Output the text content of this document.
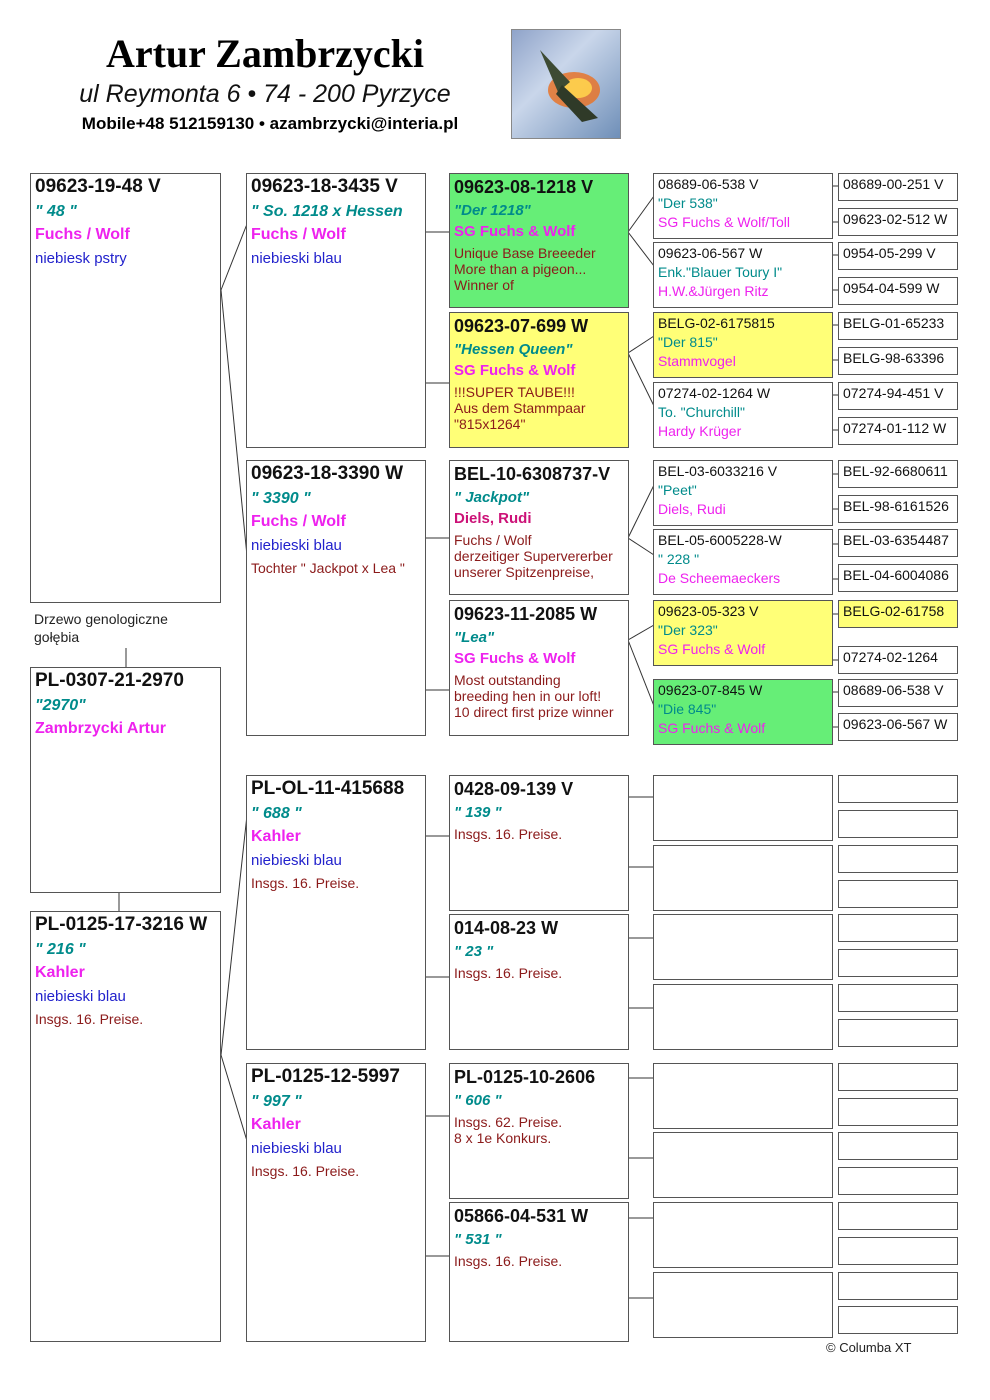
Artur Zambrzycki
ul Reymonta 6 • 74 - 200 Pyrzyce
Mobile+48 512159130 • azambrzycki@interia.pl
Drzewo genologiczne gołębia
PL-0307-21-2970
"2970"
Zambrzycki Artur
09623-19-48 V
" 48 "
Fuchs / Wolf
niebiesk pstry
PL-0125-17-3216 W
" 216 "
Kahler
niebieski blau
Insgs. 16. Preise.
09623-18-3435 V
" So. 1218 x Hessen
Fuchs / Wolf
niebieski blau
09623-18-3390 W
" 3390 "
Fuchs / Wolf
niebieski blau
Tochter " Jackpot x Lea "
PL-OL-11-415688
" 688 "
Kahler
niebieski blau
Insgs. 16. Preise.
PL-0125-12-5997
" 997 "
Kahler
niebieski blau
Insgs. 16. Preise.
09623-08-1218 V
"Der 1218"
SG Fuchs & Wolf
Unique Base Breeeder
More than a pigeon...
Winner of
09623-07-699 W
"Hessen Queen"
SG Fuchs & Wolf
!!!SUPER TAUBE!!!
Aus dem Stammpaar
"815x1264"
BEL-10-6308737-V
" Jackpot"
Diels, Rudi
Fuchs / Wolf
derzeitiger Supervererber
unserer Spitzenpreise,
09623-11-2085 W
"Lea"
SG Fuchs & Wolf
Most outstanding
breeding hen in our loft!
10 direct first prize winner
0428-09-139 V
" 139 "
Insgs. 16. Preise.
014-08-23 W
" 23 "
Insgs. 16. Preise.
PL-0125-10-2606
" 606 "
Insgs. 62. Preise.
8 x 1e Konkurs.
05866-04-531 W
" 531 "
Insgs. 16. Preise.
08689-06-538 V
"Der 538"
SG Fuchs & Wolf/Toll
09623-06-567 W
Enk."Blauer Toury I"
H.W.&Jürgen Ritz
BELG-02-6175815
"Der 815"
Stammvogel
07274-02-1264 W
To. "Churchill"
Hardy Krüger
BEL-03-6033216 V
"Peet"
Diels, Rudi
BEL-05-6005228-W
" 228 "
De Scheemaeckers
09623-05-323 V
"Der 323"
SG Fuchs & Wolf
09623-07-845 W
"Die 845"
SG Fuchs & Wolf
08689-00-251 V
09623-02-512 W
0954-05-299 V
0954-04-599 W
BELG-01-65233
BELG-98-63396
07274-94-451 V
07274-01-112 W
BEL-92-6680611
BEL-98-6161526
BEL-03-6354487
BEL-04-6004086
BELG-02-61758
07274-02-1264
08689-06-538 V
09623-06-567 W
© Columba XT
